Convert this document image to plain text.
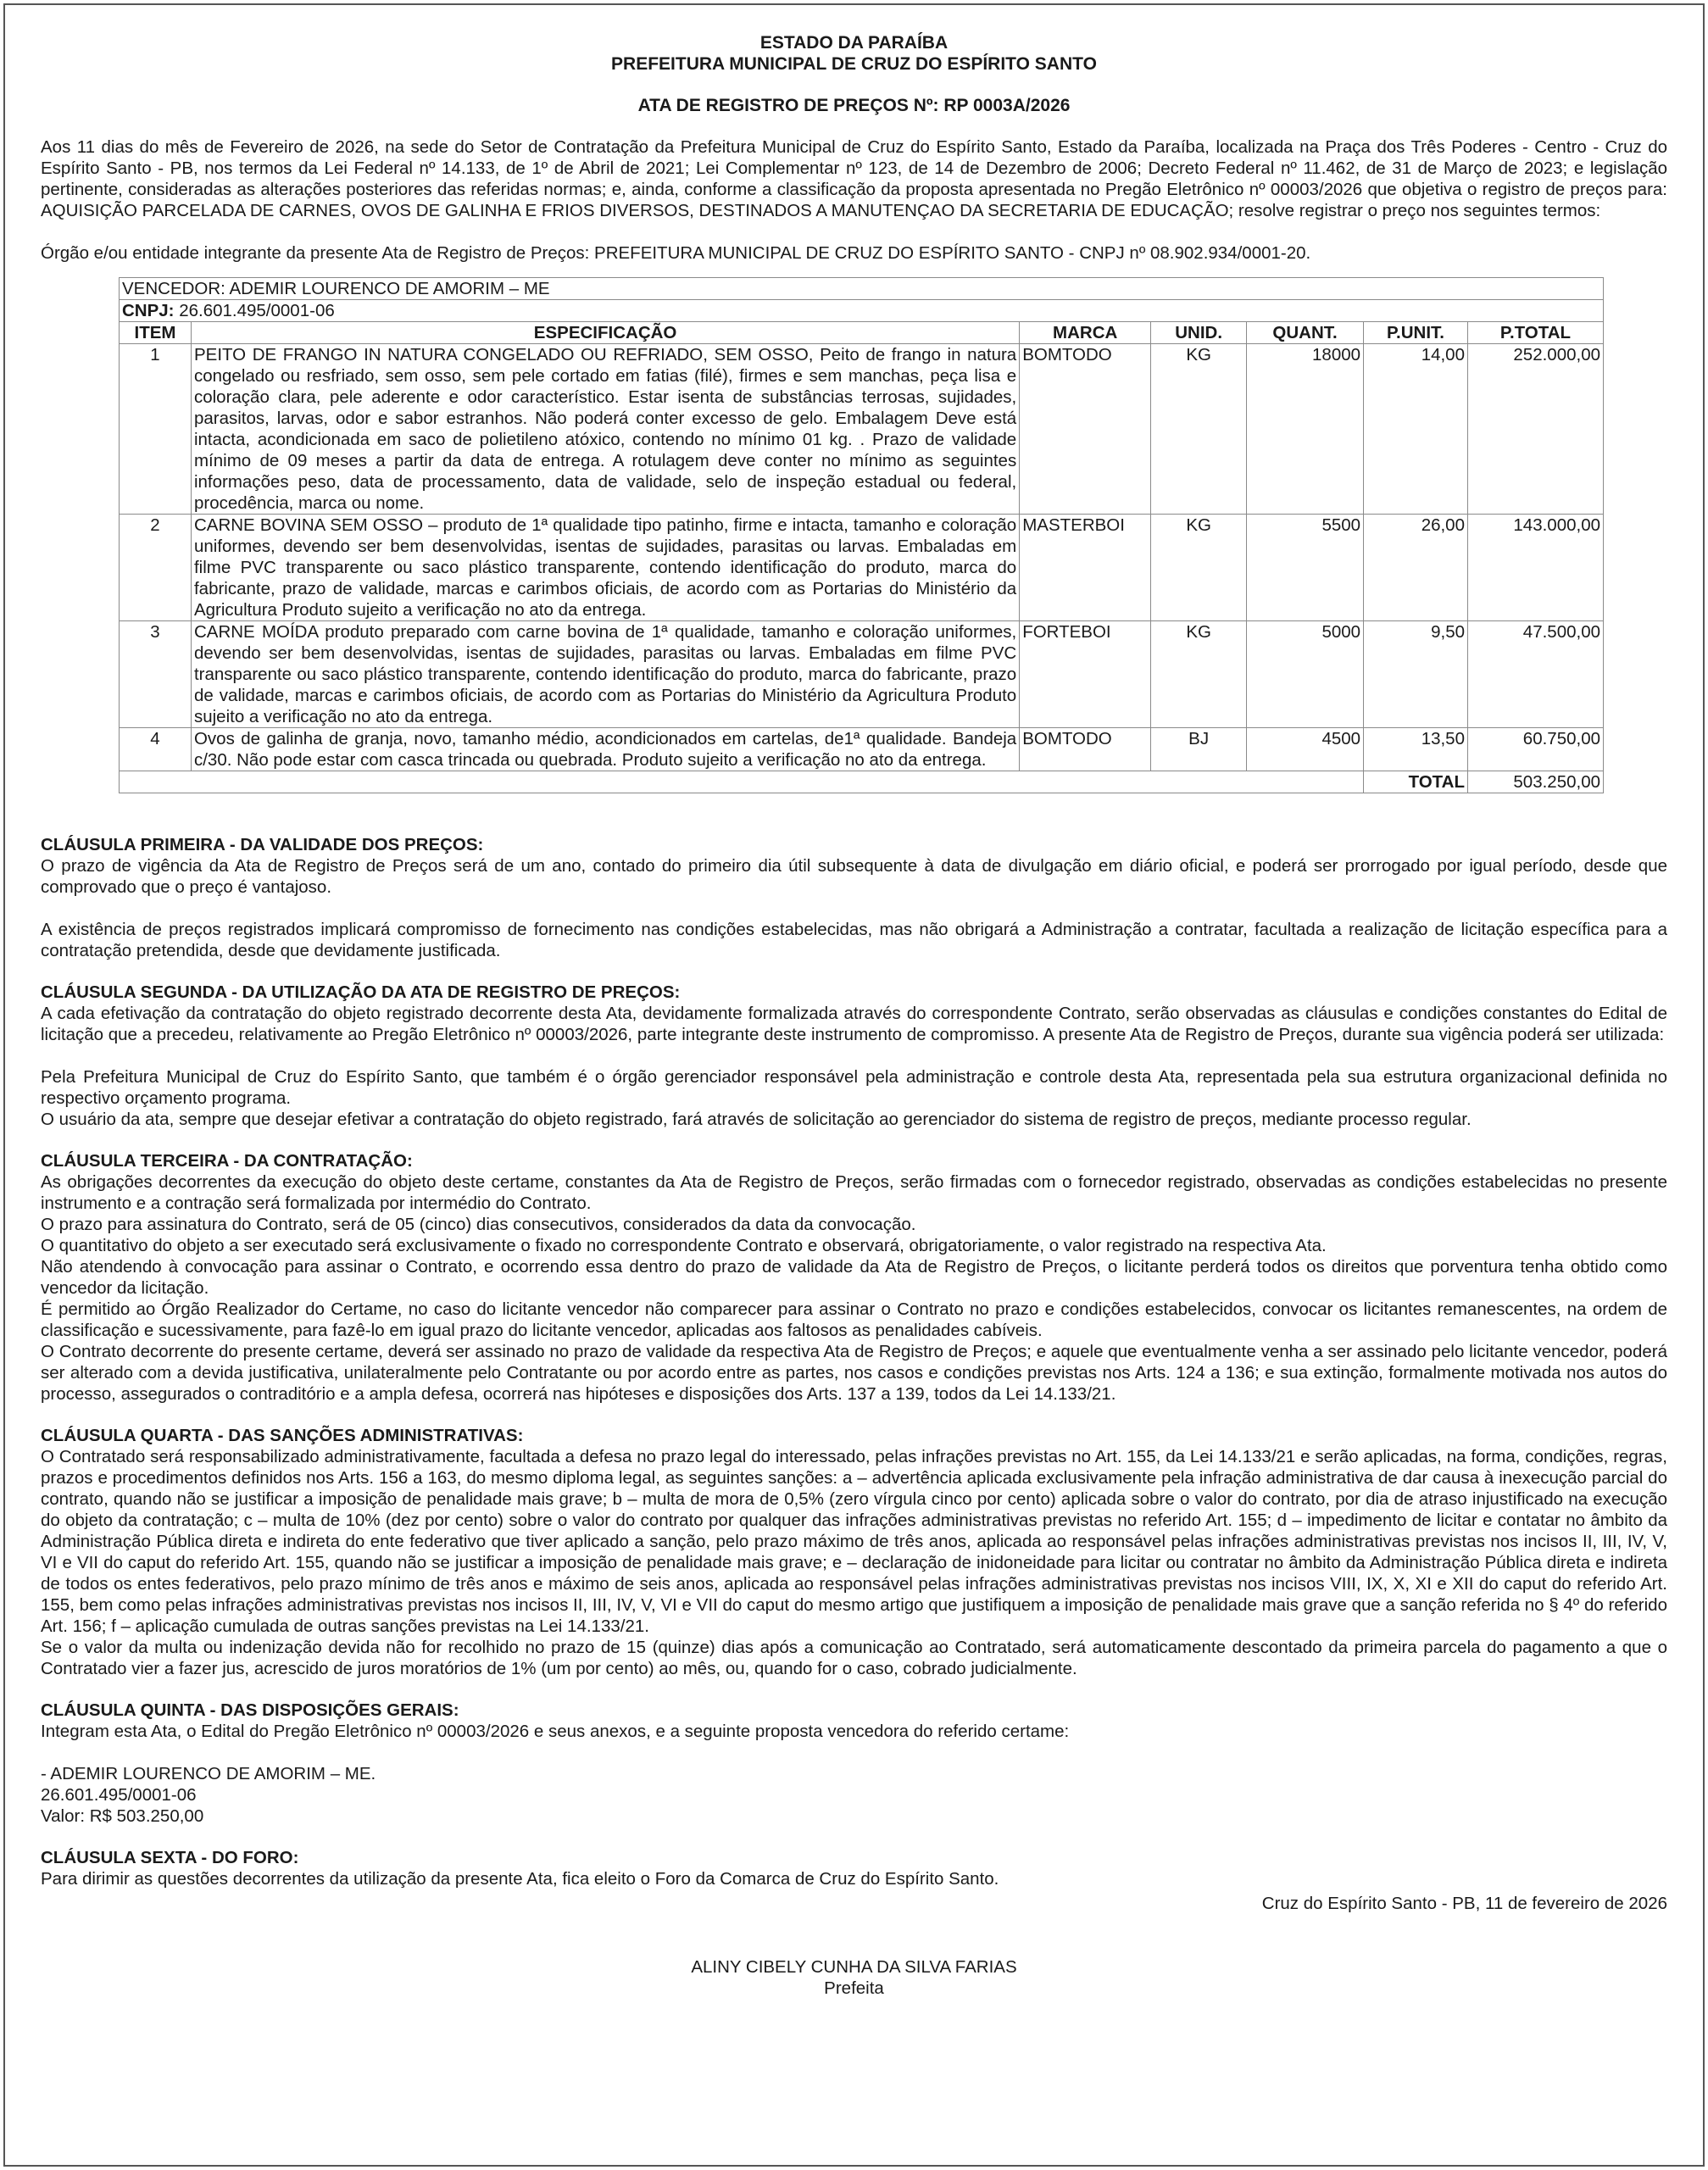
ESTADO DA PARAÍBA
PREFEITURA MUNICIPAL DE CRUZ DO ESPÍRITO SANTO
ATA DE REGISTRO DE PREÇOS Nº: RP 0003A/2026

Aos 11 dias do mês de Fevereiro de 2026, na sede do Setor de Contratação da Prefeitura Municipal de Cruz do Espírito Santo, Estado da Paraíba, localizada na Praça dos Três Poderes - Centro - Cruz do Espírito Santo - PB, nos termos da Lei Federal nº 14.133, de 1º de Abril de 2021; Lei Complementar nº 123, de 14 de Dezembro de 2006; Decreto Federal nº 11.462, de 31 de Março de 2023; e legislação pertinente, consideradas as alterações posteriores das referidas normas; e, ainda, conforme a classificação da proposta apresentada no Pregão Eletrônico nº 00003/2026 que objetiva o registro de preços para: AQUISIÇÃO PARCELADA DE CARNES, OVOS DE GALINHA E FRIOS DIVERSOS, DESTINADOS A MANUTENÇAO DA SECRETARIA DE EDUCAÇÃO; resolve registrar o preço nos seguintes termos:

Órgão e/ou entidade integrante da presente Ata de Registro de Preços: PREFEITURA MUNICIPAL DE CRUZ DO ESPÍRITO SANTO - CNPJ nº 08.902.934/0001-20.

VENCEDOR: ADEMIR LOURENCO DE AMORIM – ME						
CNPJ: 26.601.495/0001-06						
ITEM	ESPECIFICAÇÃO	MARCA	UNID.	QUANT.	P.UNIT.	P.TOTAL
1	PEITO DE FRANGO IN NATURA CONGELADO OU REFRIADO, SEM OSSO, Peito de frango in natura congelado ou resfriado, sem osso, sem pele cortado em fatias (filé), firmes e sem manchas, peça lisa e coloração clara, pele aderente e odor característico. Estar isenta de substâncias terrosas, sujidades, parasitos, larvas, odor e sabor estranhos. Não poderá conter excesso de gelo. Embalagem Deve está intacta, acondicionada em saco de polietileno atóxico, contendo no mínimo 01 kg. . Prazo de validade mínimo de 09 meses a partir da data de entrega. A rotulagem deve conter no mínimo as seguintes informações peso, data de processamento, data de validade, selo de inspeção estadual ou federal, procedência, marca ou nome.	BOMTODO	KG	18000	14,00	252.000,00
2	CARNE BOVINA SEM OSSO – produto de 1ª qualidade tipo patinho, firme e intacta, tamanho e coloração uniformes, devendo ser bem desenvolvidas, isentas de sujidades, parasitas ou larvas. Embaladas em filme PVC transparente ou saco plástico transparente, contendo identificação do produto, marca do fabricante, prazo de validade, marcas e carimbos oficiais, de acordo com as Portarias do Ministério da Agricultura Produto sujeito a verificação no ato da entrega.	MASTERBOI	KG	5500	26,00	143.000,00
3	CARNE MOÍDA produto preparado com carne bovina de 1ª qualidade, tamanho e coloração uniformes, devendo ser bem desenvolvidas, isentas de sujidades, parasitas ou larvas. Embaladas em filme PVC transparente ou saco plástico transparente, contendo identificação do produto, marca do fabricante, prazo de validade, marcas e carimbos oficiais, de acordo com as Portarias do Ministério da Agricultura Produto sujeito a verificação no ato da entrega.	FORTEBOI	KG	5000	9,50	47.500,00
4	Ovos de galinha de granja, novo, tamanho médio, acondicionados em cartelas, de1ª qualidade. Bandeja c/30. Não pode estar com casca trincada ou quebrada. Produto sujeito a verificação no ato da entrega.	BOMTODO	BJ	4500	13,50	60.750,00
					TOTAL	503.250,00
CLÁUSULA PRIMEIRA - DA VALIDADE DOS PREÇOS:

O prazo de vigência da Ata de Registro de Preços será de um ano, contado do primeiro dia útil subsequente à data de divulgação em diário oficial, e poderá ser prorrogado por igual período, desde que comprovado que o preço é vantajoso.

A existência de preços registrados implicará compromisso de fornecimento nas condições estabelecidas, mas não obrigará a Administração a contratar, facultada a realização de licitação específica para a contratação pretendida, desde que devidamente justificada.

CLÁUSULA SEGUNDA - DA UTILIZAÇÃO DA ATA DE REGISTRO DE PREÇOS:

A cada efetivação da contratação do objeto registrado decorrente desta Ata, devidamente formalizada através do correspondente Contrato, serão observadas as cláusulas e condições constantes do Edital de licitação que a precedeu, relativamente ao Pregão Eletrônico nº 00003/2026, parte integrante deste instrumento de compromisso. A presente Ata de Registro de Preços, durante sua vigência poderá ser utilizada:

Pela Prefeitura Municipal de Cruz do Espírito Santo, que também é o órgão gerenciador responsável pela administração e controle desta Ata, representada pela sua estrutura organizacional definida no respectivo orçamento programa.

O usuário da ata, sempre que desejar efetivar a contratação do objeto registrado, fará através de solicitação ao gerenciador do sistema de registro de preços, mediante processo regular.

CLÁUSULA TERCEIRA - DA CONTRATAÇÃO:

As obrigações decorrentes da execução do objeto deste certame, constantes da Ata de Registro de Preços, serão firmadas com o fornecedor registrado, observadas as condições estabelecidas no presente instrumento e a contração será formalizada por intermédio do Contrato.

O prazo para assinatura do Contrato, será de 05 (cinco) dias consecutivos, considerados da data da convocação.

O quantitativo do objeto a ser executado será exclusivamente o fixado no correspondente Contrato e observará, obrigatoriamente, o valor registrado na respectiva Ata.

Não atendendo à convocação para assinar o Contrato, e ocorrendo essa dentro do prazo de validade da Ata de Registro de Preços, o licitante perderá todos os direitos que porventura tenha obtido como vencedor da licitação.

É permitido ao Órgão Realizador do Certame, no caso do licitante vencedor não comparecer para assinar o Contrato no prazo e condições estabelecidos, convocar os licitantes remanescentes, na ordem de classificação e sucessivamente, para fazê-lo em igual prazo do licitante vencedor, aplicadas aos faltosos as penalidades cabíveis.

O Contrato decorrente do presente certame, deverá ser assinado no prazo de validade da respectiva Ata de Registro de Preços; e aquele que eventualmente venha a ser assinado pelo licitante vencedor, poderá ser alterado com a devida justificativa, unilateralmente pelo Contratante ou por acordo entre as partes, nos casos e condições previstas nos Arts. 124 a 136; e sua extinção, formalmente motivada nos autos do processo, assegurados o contraditório e a ampla defesa, ocorrerá nas hipóteses e disposições dos Arts. 137 a 139, todos da Lei 14.133/21.

CLÁUSULA QUARTA - DAS SANÇÕES ADMINISTRATIVAS:

O Contratado será responsabilizado administrativamente, facultada a defesa no prazo legal do interessado, pelas infrações previstas no Art. 155, da Lei 14.133/21 e serão aplicadas, na forma, condições, regras, prazos e procedimentos definidos nos Arts. 156 a 163, do mesmo diploma legal, as seguintes sanções: a – advertência aplicada exclusivamente pela infração administrativa de dar causa à inexecução parcial do contrato, quando não se justificar a imposição de penalidade mais grave; b – multa de mora de 0,5% (zero vírgula cinco por cento) aplicada sobre o valor do contrato, por dia de atraso injustificado na execução do objeto da contratação; c – multa de 10% (dez por cento) sobre o valor do contrato por qualquer das infrações administrativas previstas no referido Art. 155; d – impedimento de licitar e contatar no âmbito da Administração Pública direta e indireta do ente federativo que tiver aplicado a sanção, pelo prazo máximo de três anos, aplicada ao responsável pelas infrações administrativas previstas nos incisos II, III, IV, V, VI e VII do caput do referido Art. 155, quando não se justificar a imposição de penalidade mais grave; e – declaração de inidoneidade para licitar ou contratar no âmbito da Administração Pública direta e indireta de todos os entes federativos, pelo prazo mínimo de três anos e máximo de seis anos, aplicada ao responsável pelas infrações administrativas previstas nos incisos VIII, IX, X, XI e XII do caput do referido Art. 155, bem como pelas infrações administrativas previstas nos incisos II, III, IV, V, VI e VII do caput do mesmo artigo que justifiquem a imposição de penalidade mais grave que a sanção referida no § 4º do referido Art. 156; f – aplicação cumulada de outras sanções previstas na Lei 14.133/21.

Se o valor da multa ou indenização devida não for recolhido no prazo de 15 (quinze) dias após a comunicação ao Contratado, será automaticamente descontado da primeira parcela do pagamento a que o Contratado vier a fazer jus, acrescido de juros moratórios de 1% (um por cento) ao mês, ou, quando for o caso, cobrado judicialmente.

CLÁUSULA QUINTA - DAS DISPOSIÇÕES GERAIS:

Integram esta Ata, o Edital do Pregão Eletrônico nº 00003/2026 e seus anexos, e a seguinte proposta vencedora do referido certame:

- ADEMIR LOURENCO DE AMORIM – ME.

26.601.495/0001-06

Valor: R$ 503.250,00

CLÁUSULA SEXTA - DO FORO:

Para dirimir as questões decorrentes da utilização da presente Ata, fica eleito o Foro da Comarca de Cruz do Espírito Santo.

Cruz do Espírito Santo - PB, 11 de fevereiro de 2026
ALINY CIBELY CUNHA DA SILVA FARIAS
Prefeita
